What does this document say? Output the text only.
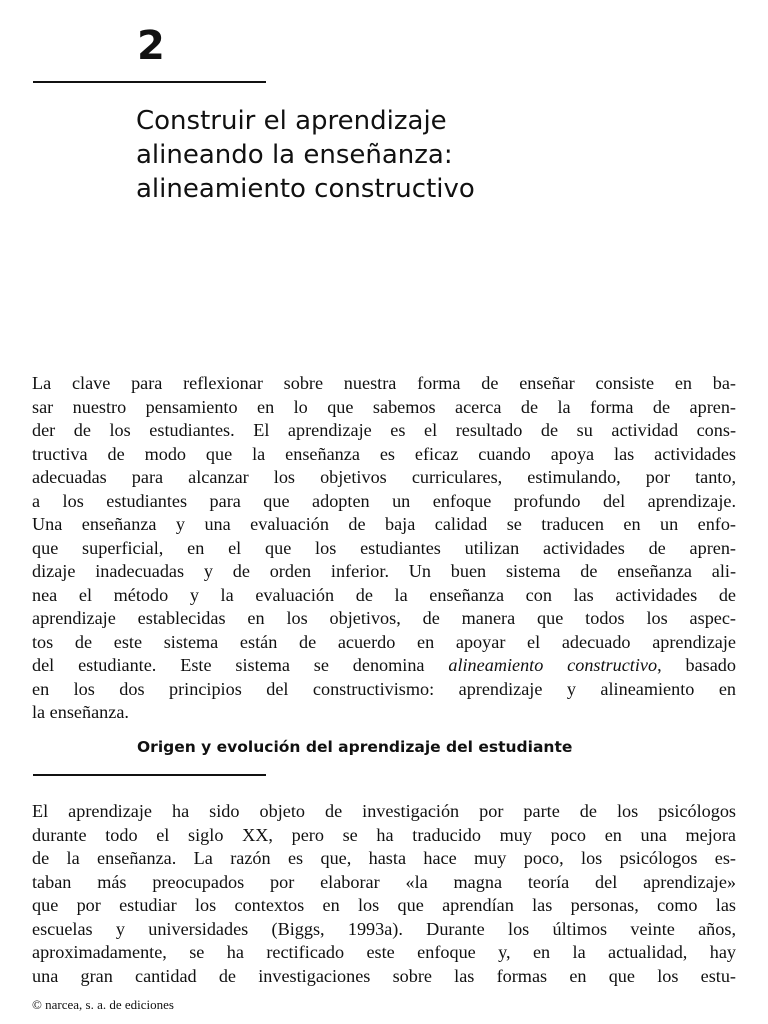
2
Construir el aprendizaje
alineando la enseñanza:
alineamiento constructivo
La clave para reflexionar sobre nuestra forma de enseñar consiste en ba-
sar nuestro pensamiento en lo que sabemos acerca de la forma de apren-
der de los estudiantes. El aprendizaje es el resultado de su actividad cons-
tructiva de modo que la enseñanza es eficaz cuando apoya las actividades
adecuadas para alcanzar los objetivos curriculares, estimulando, por tanto,
a los estudiantes para que adopten un enfoque profundo del aprendizaje.
Una enseñanza y una evaluación de baja calidad se traducen en un enfo-
que superficial, en el que los estudiantes utilizan actividades de apren-
dizaje inadecuadas y de orden inferior. Un buen sistema de enseñanza ali-
nea el método y la evaluación de la enseñanza con las actividades de
aprendizaje establecidas en los objetivos, de manera que todos los aspec-
tos de este sistema están de acuerdo en apoyar el adecuado aprendizaje
del estudiante. Este sistema se denomina alineamiento constructivo, basado
en los dos principios del constructivismo: aprendizaje y alineamiento en
la enseñanza.
Origen y evolución del aprendizaje del estudiante
El aprendizaje ha sido objeto de investigación por parte de los psicólogos
durante todo el siglo XX, pero se ha traducido muy poco en una mejora
de la enseñanza. La razón es que, hasta hace muy poco, los psicólogos es-
taban más preocupados por elaborar «la magna teoría del aprendizaje»
que por estudiar los contextos en los que aprendían las personas, como las
escuelas y universidades (Biggs, 1993a). Durante los últimos veinte años,
aproximadamente, se ha rectificado este enfoque y, en la actualidad, hay
una gran cantidad de investigaciones sobre las formas en que los estu-

© narcea, s. a. de ediciones
